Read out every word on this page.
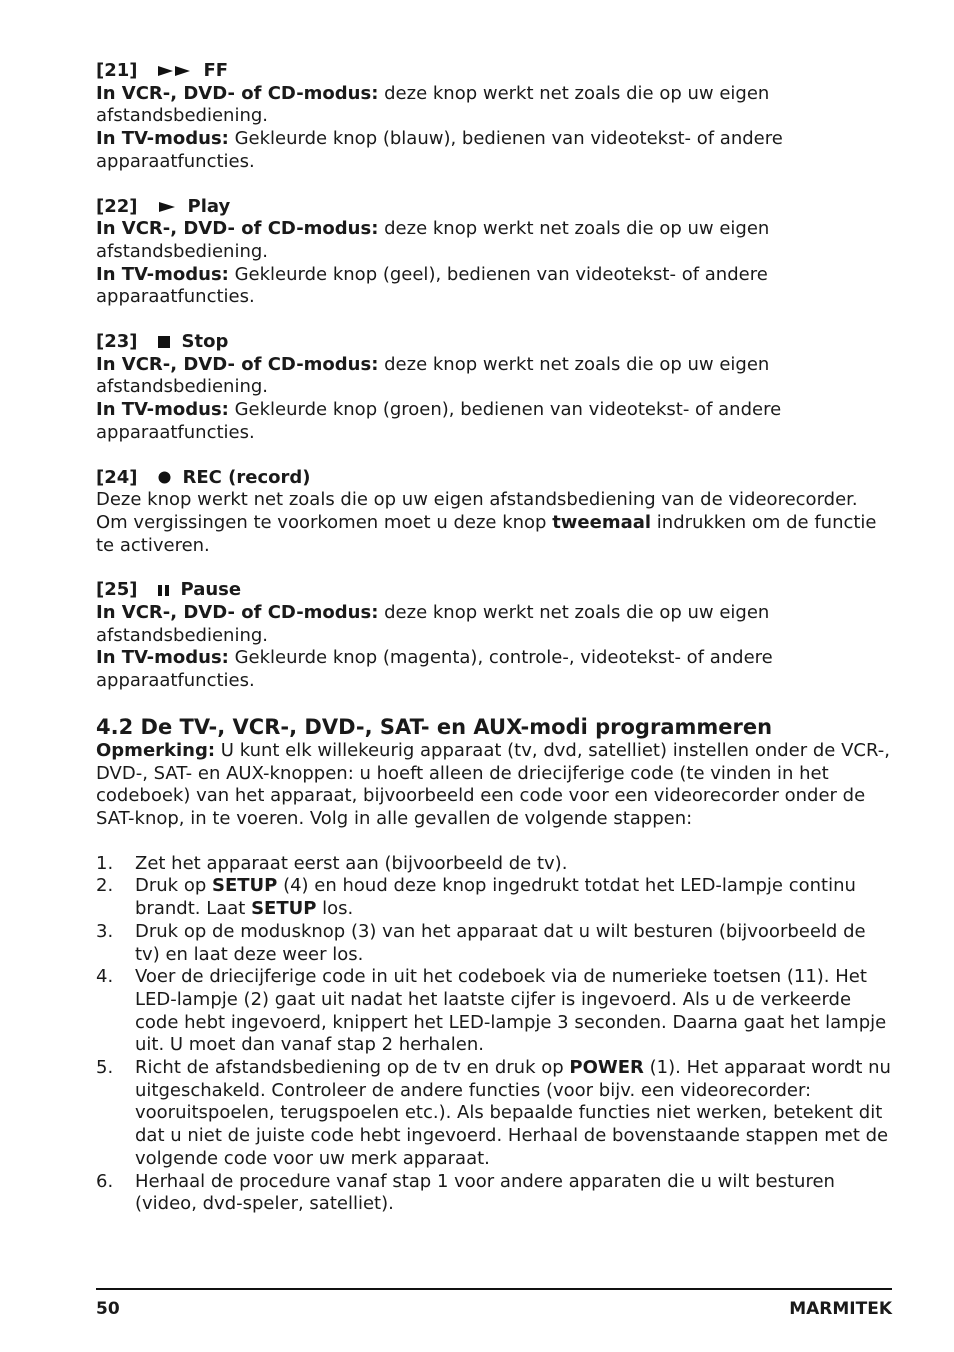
[21]	FF

In VCR-, DVD- of CD-modus: deze knop werkt net zoals die op uw eigen afstandsbediening.

In TV-modus: Gekleurde knop (blauw), bedienen van videotekst- of andere apparaatfuncties.

[22]	Play

In VCR-, DVD- of CD-modus: deze knop werkt net zoals die op uw eigen afstandsbediening.

In TV-modus: Gekleurde knop (geel), bedienen van videotekst- of andere apparaatfuncties.

[23] Stop

In VCR-, DVD- of CD-modus: deze knop werkt net zoals die op uw eigen afstandsbediening.

In TV-modus: Gekleurde knop (groen), bedienen van videotekst- of andere apparaatfuncties.

[24]	REC (record)

Deze knop werkt net zoals die op uw eigen afstandsbediening van de videorecorder. Om vergissingen te voorkomen moet u deze knop tweemaal indrukken om de functie te activeren.

[25] Pause

In VCR-, DVD- of CD-modus: deze knop werkt net zoals die op uw eigen afstandsbediening.

In TV-modus: Gekleurde knop (magenta), controle-, videotekst- of andere apparaatfuncties.

4.2 De TV-, VCR-, DVD-, SAT- en AUX-modi programmeren

Opmerking: U kunt elk willekeurig apparaat (tv, dvd, satelliet) instellen onder de VCR-, DVD-, SAT- en AUX-knoppen: u hoeft alleen de driecijferige code (te vinden in het codeboek) van het apparaat, bijvoorbeeld een code voor een videorecorder onder de SAT-knop, in te voeren. Volg in alle gevallen de volgende stappen:

1.	Zet het apparaat eerst aan (bijvoorbeeld de tv).
2.	Druk op SETUP (4) en houd deze knop ingedrukt totdat het LED-lampje continu brandt. Laat SETUP los.
3.	Druk op de modusknop (3) van het apparaat dat u wilt besturen (bijvoorbeeld de tv) en laat deze weer los.
4.	Voer de driecijferige code in uit het codeboek via de numerieke toetsen (11). Het LED-lampje (2) gaat uit nadat het laatste cijfer is ingevoerd. Als u de verkeerde code hebt ingevoerd, knippert het LED-lampje 3 seconden. Daarna gaat het lampje uit. U moet dan vanaf stap 2 herhalen.
5.	Richt de afstandsbediening op de tv en druk op POWER (1). Het apparaat wordt nu uitgeschakeld. Controleer de andere functies (voor bijv. een videorecorder: vooruitspoelen, terugspoelen etc.). Als bepaalde functies niet werken, betekent dit dat u niet de juiste code hebt ingevoerd. Herhaal de bovenstaande stappen met de volgende code voor uw merk apparaat.
6.	Herhaal de procedure vanaf stap 1 voor andere apparaten die u wilt besturen (video, dvd-speler, satelliet).
50	MARMITEK
